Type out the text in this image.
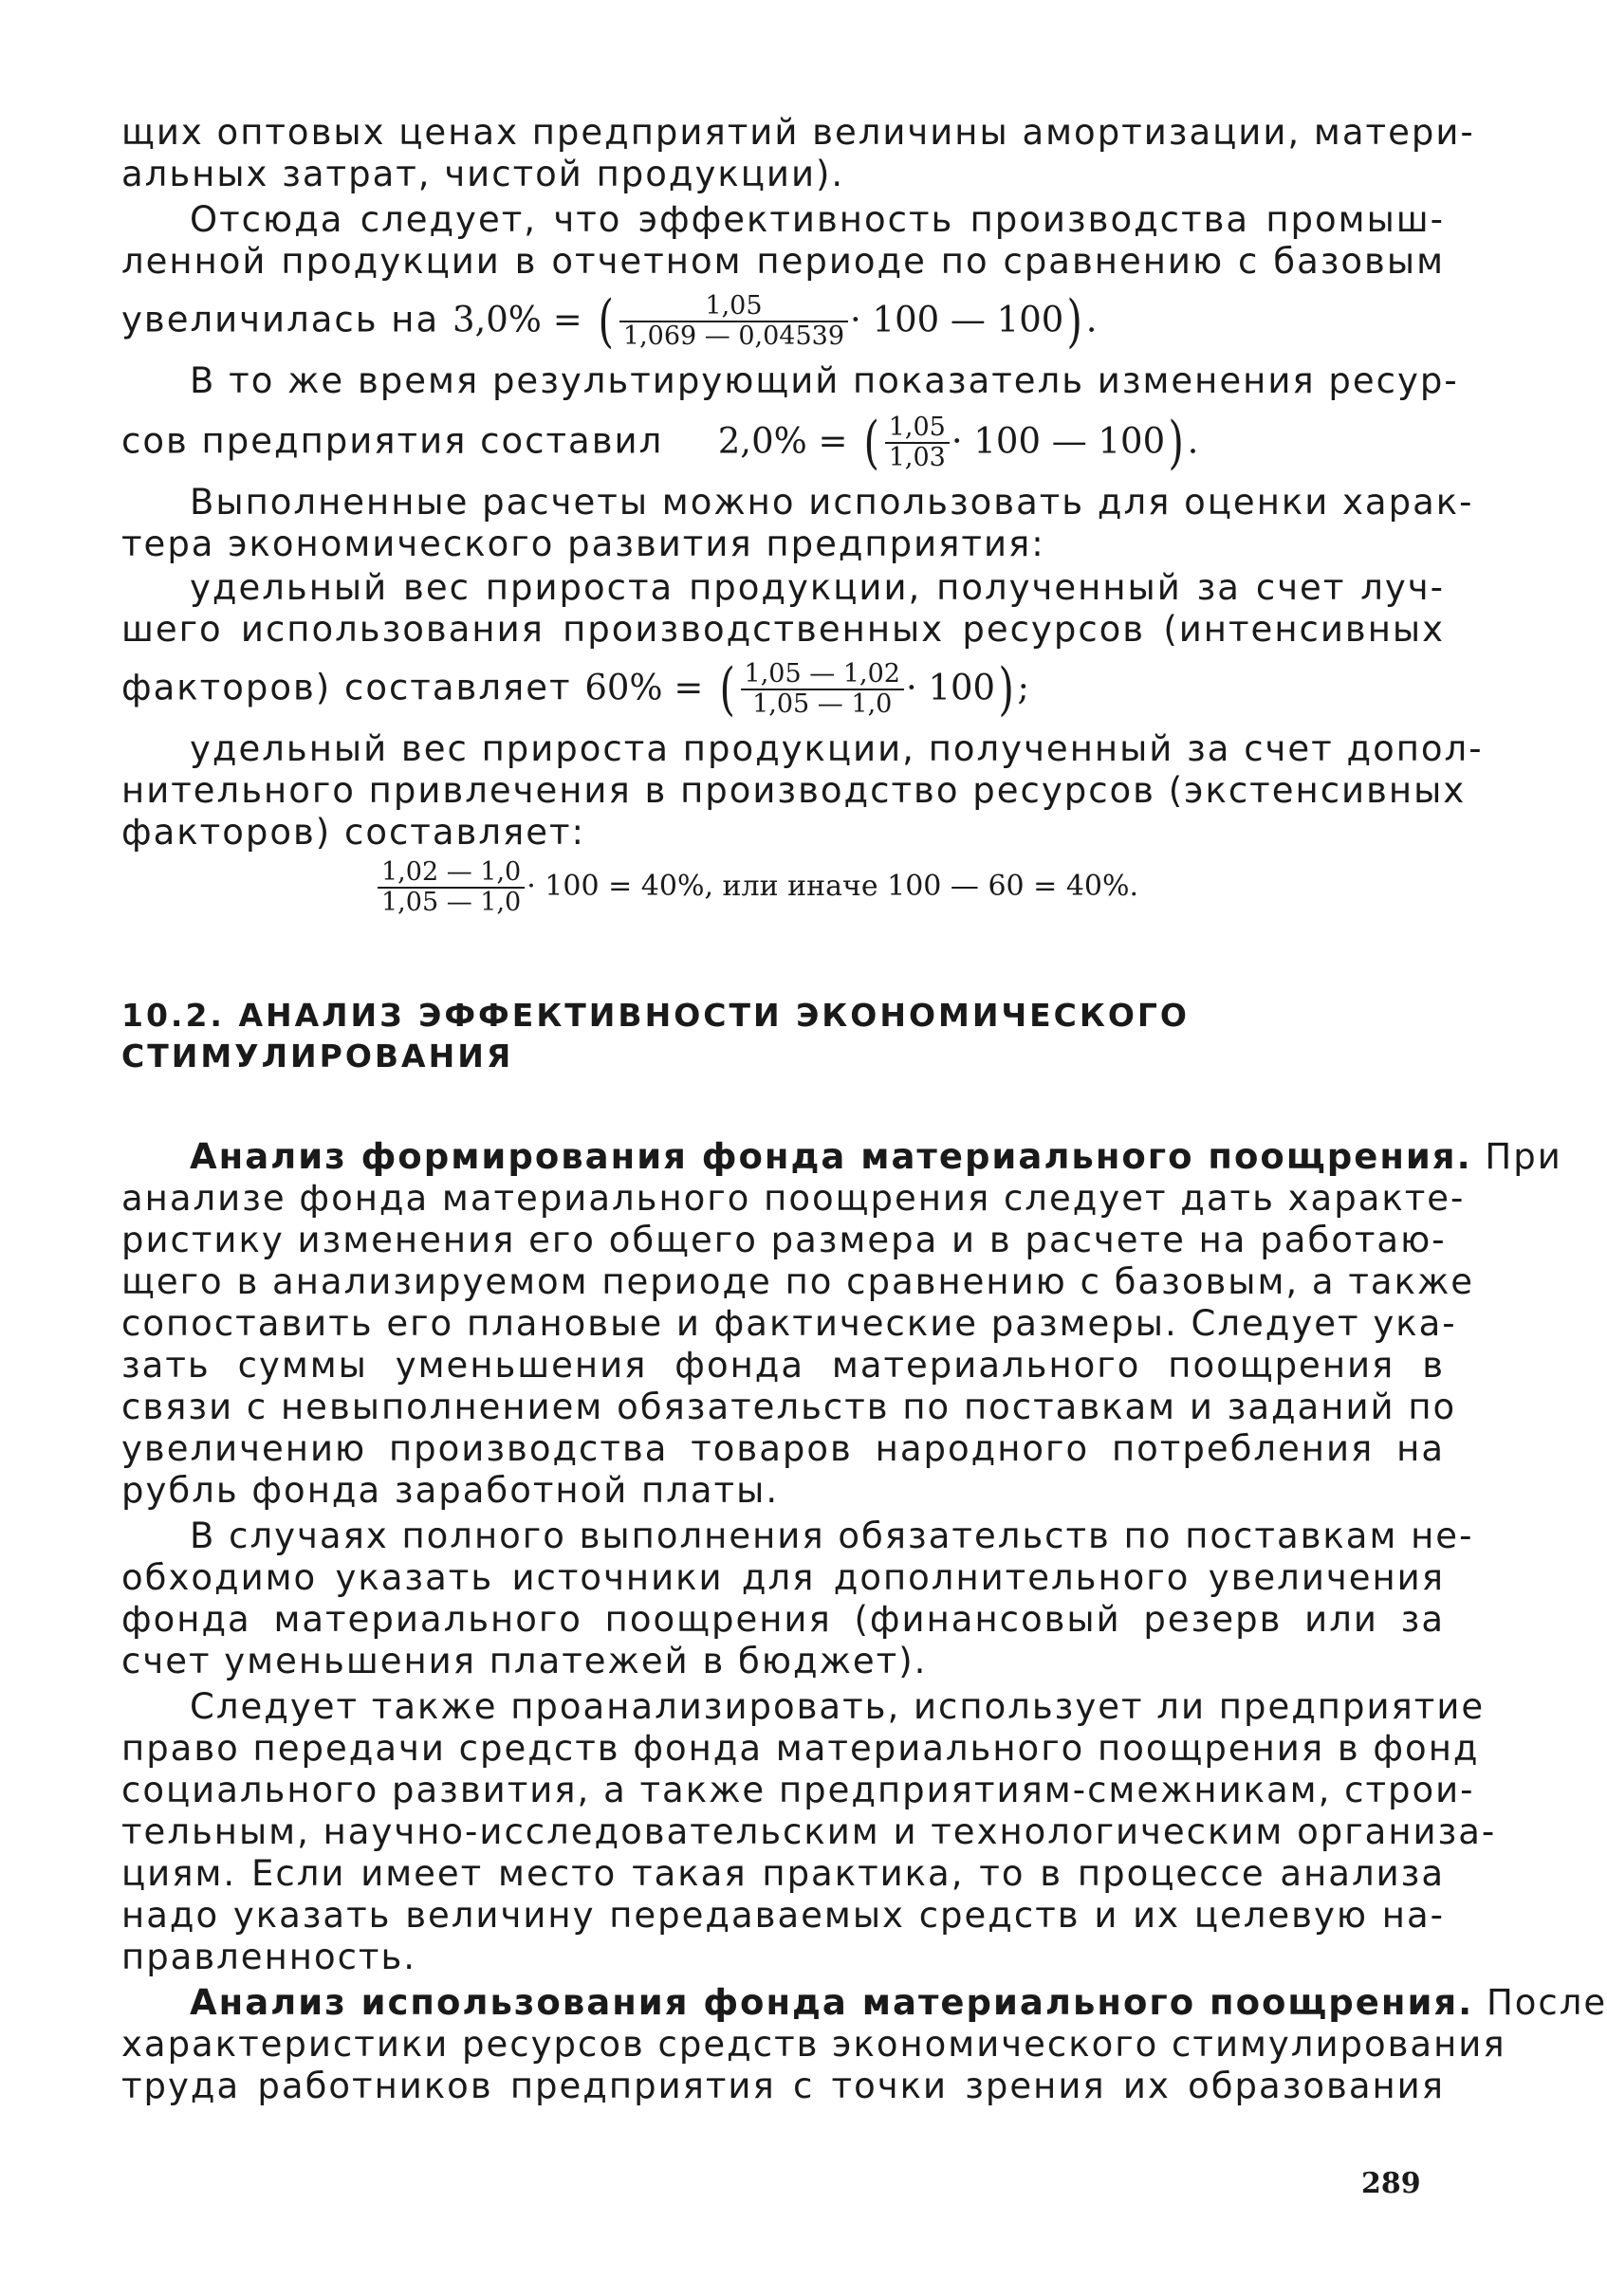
щих оптовых ценах предприятий величины амортизации, матери-
альных затрат, чистой продукции).
Отсюда следует, что эффективность производства промыш-
ленной продукции в отчетном периоде по сравнению с базовым
увеличилась на 3,0% = ( $\frac{1,05}{1,069 — 0,04539} \cdot 100$ — 100).
В то же время результирующий показатель изменения ресур-
сов предприятия составил 2,0% = ( $\frac{1,05}{1,03} \cdot 100$ — 100).
Выполненные расчеты можно использовать для оценки харак-
тера экономического развития предприятия:
удельный вес прироста продукции, полученный за счет луч-
шего использования производственных ресурсов (интенсивных
факторов) составляет 60% = ( $\frac{1,05 — 1,02}{1,05 — 1,0} \cdot 100$);
удельный вес прироста продукции, полученный за счет допол-
нительного привлечения в производство ресурсов (экстенсивных
факторов) составляет:
$\frac{1,02 — 1,0}{1,05 — 1,0} \cdot 100 = 40\%$, или иначе 100 — 60 = 40%.
10.2. АНАЛИЗ ЭФФЕКТИВНОСТИ ЭКОНОМИЧЕСКОГО
СТИМУЛИРОВАНИЯ
Анализ формирования фонда материального поощрения. При
анализе фонда материального поощрения следует дать характе-
ристику изменения его общего размера и в расчете на работаю-
щего в анализируемом периоде по сравнению с базовым, а также
сопоставить его плановые и фактические размеры. Следует ука-
зать суммы уменьшения фонда материального поощрения в
связи с невыполнением обязательств по поставкам и заданий по
увеличению производства товаров народного потребления на
рубль фонда заработной платы.
В случаях полного выполнения обязательств по поставкам не-
обходимо указать источники для дополнительного увеличения
фонда материального поощрения (финансовый резерв или за
счет уменьшения платежей в бюджет).
Следует также проанализировать, использует ли предприятие
право передачи средств фонда материального поощрения в фонд
социального развития, а также предприятиям-смежникам, строи-
тельным, научно-исследовательским и технологическим организа-
циям. Если имеет место такая практика, то в процессе анализа
надо указать величину передаваемых средств и их целевую на-
правленность.
Анализ использования фонда материального поощрения. После
характеристики ресурсов средств экономического стимулирования
труда работников предприятия с точки зрения их образования
289
